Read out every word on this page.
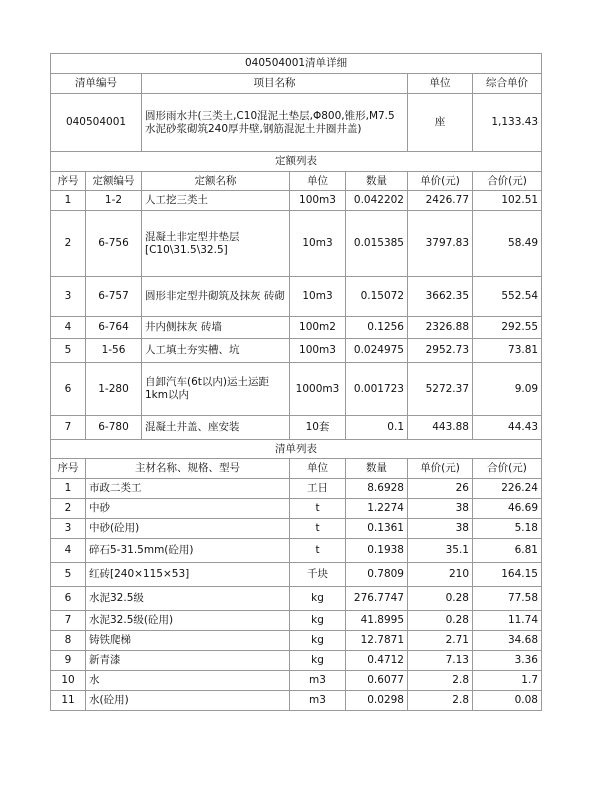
040504001清单详细						
清单编号		项目名称			单位	综合单价
040504001		圆形雨水井(三类土,C10混泥土垫层,Φ800,锥形,M7.5水泥砂浆砌筑240厚井壁,钢筋混泥土井圈井盖)			座	1,133.43
定额列表						
序号	定额编号	定额名称	单位	数量	单价(元)	合价(元)
1	1-2	人工挖三类土	100m3	0.042202	2426.77	102.51
2	6-756	混凝土非定型井垫层[C10\31.5\32.5]	10m3	0.015385	3797.83	58.49
3	6-757	圆形非定型井砌筑及抹灰 砖砌	10m3	0.15072	3662.35	552.54
4	6-764	井内侧抹灰 砖墙	100m2	0.1256	2326.88	292.55
5	1-56	人工填土夯实槽、坑	100m3	0.024975	2952.73	73.81
6	1-280	自卸汽车(6t以内)运土运距1km以内	1000m3	0.001723	5272.37	9.09
7	6-780	混凝土井盖、座安装	10套	0.1	443.88	44.43
清单列表						
序号	主材名称、规格、型号	单位	数量	单价(元)	合价(元)
1	市政二类工	工日	8.6928	26	226.24
2	中砂	t	1.2274	38	46.69
3	中砂(砼用)	t	0.1361	38	5.18
4	碎石5-31.5mm(砼用)	t	0.1938	35.1	6.81
5	红砖[240×115×53]	千块	0.7809	210	164.15
6	水泥32.5级	kg	276.7747	0.28	77.58
7	水泥32.5级(砼用)	kg	41.8995	0.28	11.74
8	铸铁爬梯	kg	12.7871	2.71	34.68
9	新青漆	kg	0.4712	7.13	3.36
10	水	m3	0.6077	2.8	1.7
11	水(砼用)	m3	0.0298	2.8	0.08
